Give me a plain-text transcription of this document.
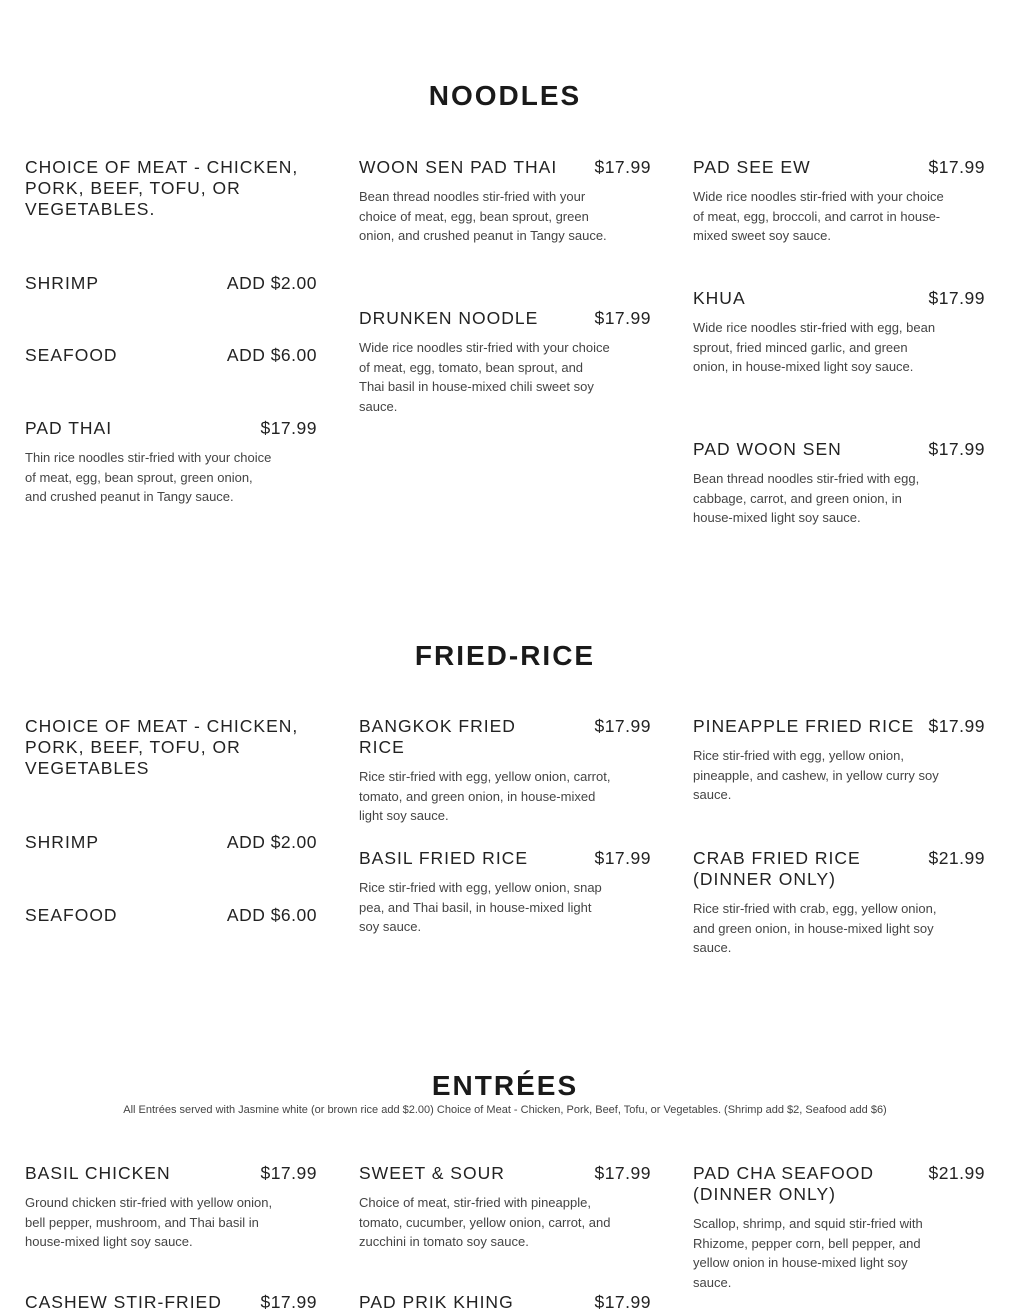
NOODLES
CHOICE OF MEAT - CHICKEN, PORK, BEEF, TOFU, OR VEGETABLES.
SHRIMP	ADD $2.00
SEAFOOD	ADD $6.00
PAD THAI	$17.99
Thin rice noodles stir-fried with your choice of meat, egg, bean sprout, green onion, and crushed peanut in Tangy sauce.
WOON SEN PAD THAI $17.99
Bean thread noodles stir-fried with your choice of meat, egg, bean sprout, green onion, and crushed peanut in Tangy sauce.
DRUNKEN NOODLE	$17.99
Wide rice noodles stir-fried with your choice of meat, egg, tomato, bean sprout, and Thai basil in house-mixed chili sweet soy sauce.
PAD SEE EW	$17.99
Wide rice noodles stir-fried with your choice of meat, egg, broccoli, and carrot in house-mixed sweet soy sauce.
KHUA	$17.99
Wide rice noodles stir-fried with egg, bean sprout, fried minced garlic, and green onion, in house-mixed light soy sauce.
PAD WOON SEN	$17.99
Bean thread noodles stir-fried with egg, cabbage, carrot, and green onion, in house-mixed light soy sauce.
FRIED-RICE
CHOICE OF MEAT - CHICKEN, PORK, BEEF, TOFU, OR VEGETABLES
SHRIMP	ADD $2.00
SEAFOOD	ADD $6.00
BANGKOK FRIED RICE
$17.99
Rice stir-fried with egg, yellow onion, carrot, tomato, and green onion, in house-mixed light soy sauce.
BASIL FRIED RICE	$17.99
Rice stir-fried with egg, yellow onion, snap pea, and Thai basil, in house-mixed light soy sauce.
PINEAPPLE FRIED RICE $17.99
Rice stir-fried with egg, yellow onion, pineapple, and cashew, in yellow curry soy sauce.
CRAB FRIED RICE (DINNER ONLY)
$21.99
Rice stir-fried with crab, egg, yellow onion, and green onion, in house-mixed light soy sauce.
ENTRÉES
All Entrées served with Jasmine white (or brown rice add $2.00) Choice of Meat - Chicken, Pork, Beef, Tofu, or Vegetables. (Shrimp add $2, Seafood add $6)
BASIL CHICKEN	$17.99
Ground chicken stir-fried with yellow onion, bell pepper, mushroom, and Thai basil in house-mixed light soy sauce.
SWEET & SOUR	$17.99
Choice of meat, stir-fried with pineapple, tomato, cucumber, yellow onion, carrot, and zucchini in tomato soy sauce.
PAD CHA SEAFOOD (DINNER ONLY)
$21.99
Scallop, shrimp, and squid stir-fried with Rhizome, pepper corn, bell pepper, and yellow onion in house-mixed light soy sauce.
CASHEW STIR-FRIED $17.99 PAD PRIK KHING	$17.99
